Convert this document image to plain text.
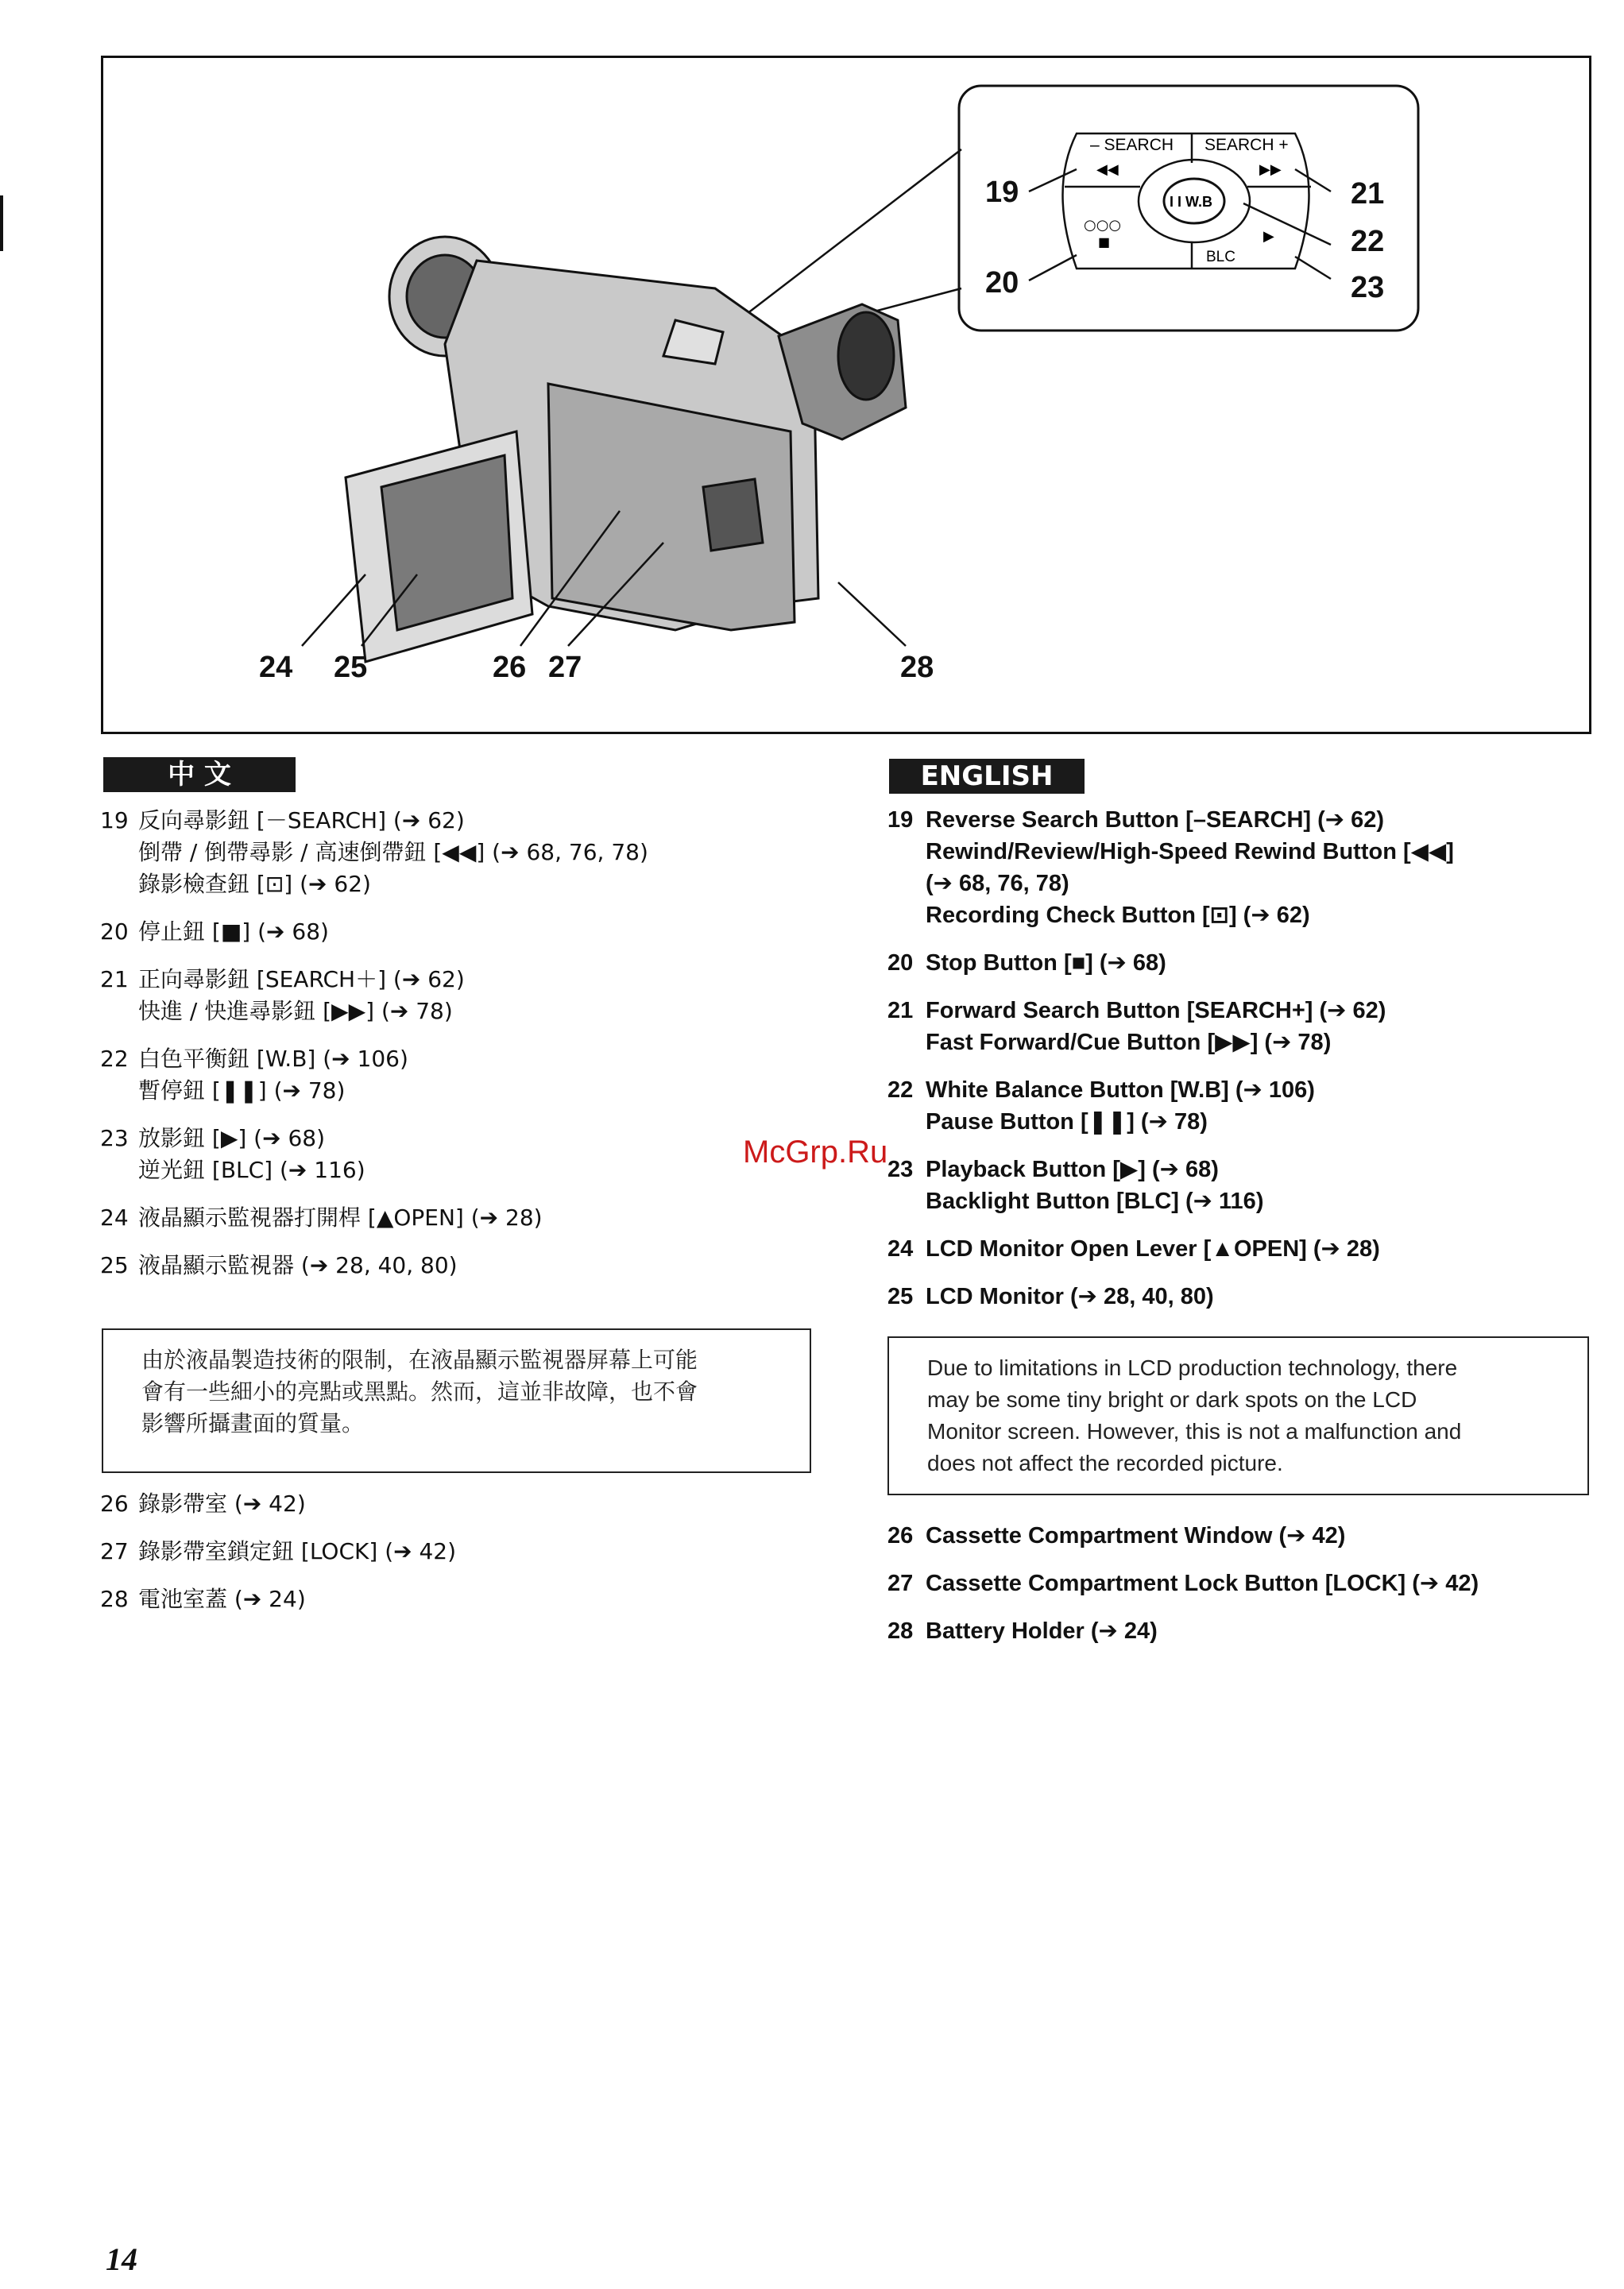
– SEARCH SEARCH +
◀◀	▶▶
I I W.B
○○○
■	▶
BLC
19
20
21
22
23
24 25	26 27	28
中 文	ENGLISH
19 反向尋影鈕 [－SEARCH] (➔ 62)
倒帶 / 倒帶尋影 / 高速倒帶鈕 [◀◀] (➔ 68, 76, 78)
錄影檢查鈕 [⊡] (➔ 62)
20 停止鈕 [■] (➔ 68)
21 正向尋影鈕 [SEARCH＋] (➔ 62)
快進 / 快進尋影鈕 [▶▶] (➔ 78)
22 白色平衡鈕 [W.B] (➔ 106)
暫停鈕 [❚❚] (➔ 78)
23 放影鈕 [▶] (➔ 68)
逆光鈕 [BLC] (➔ 116)
24 液晶顯示監視器打開桿 [▲OPEN] (➔ 28)
25 液晶顯示監視器 (➔ 28, 40, 80)
由於液晶製造技術的限制，在液晶顯示監視器屏幕上可能
會有一些細小的亮點或黑點。然而，這並非故障，也不會
影響所攝畫面的質量。
26 錄影帶室 (➔ 42)
27 錄影帶室鎖定鈕 [LOCK] (➔ 42)
28 電池室蓋 (➔ 24)
19 Reverse Search Button [–SEARCH] (➔ 62)
Rewind/Review/High-Speed Rewind Button [◀◀]
(➔ 68, 76, 78)
Recording Check Button [⊡] (➔ 62)
20 Stop Button [■] (➔ 68)
21 Forward Search Button [SEARCH+] (➔ 62)
Fast Forward/Cue Button [▶▶] (➔ 78)
22 White Balance Button [W.B] (➔ 106)
Pause Button [❚❚] (➔ 78)
23 Playback Button [▶] (➔ 68)
Backlight Button [BLC] (➔ 116)
24 LCD Monitor Open Lever [▲OPEN] (➔ 28)
25 LCD Monitor (➔ 28, 40, 80)
Due to limitations in LCD production technology, there
may be some tiny bright or dark spots on the LCD
Monitor screen. However, this is not a malfunction and
does not affect the recorded picture.
26 Cassette Compartment Window (➔ 42)
27 Cassette Compartment Lock Button [LOCK] (➔ 42)
28 Battery Holder (➔ 24)
McGrp.Ru
14
